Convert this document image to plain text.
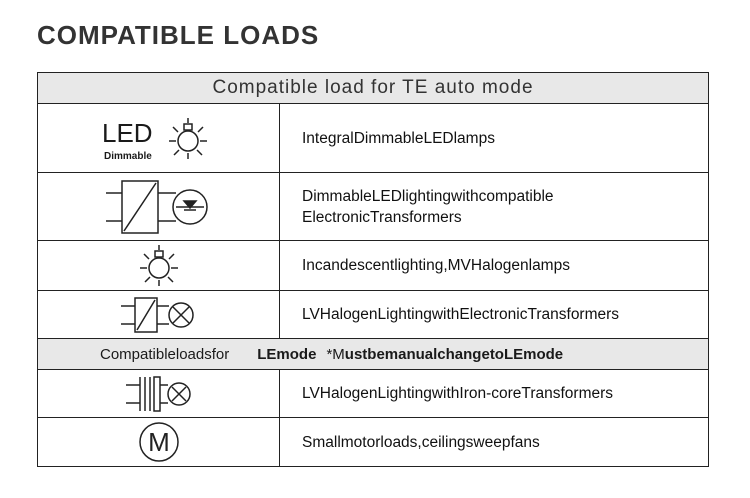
COMPATIBLE LOADS
Compatible load for TE auto mode	

LED
Dimmable	IntegralDimmableLEDlamps

DimmableLEDlightingwithcompatible
ElectronicTransformers

Incandescentlighting,MVHalogenlamps

LVHalogenLightingwithElectronicTransformers

Compatibleloadsfor LEmode *MustbemanualchangetoLEmode	

LVHalogenLightingwithIron-coreTransformers

M	Smallmotorloads,ceilingsweepfans
